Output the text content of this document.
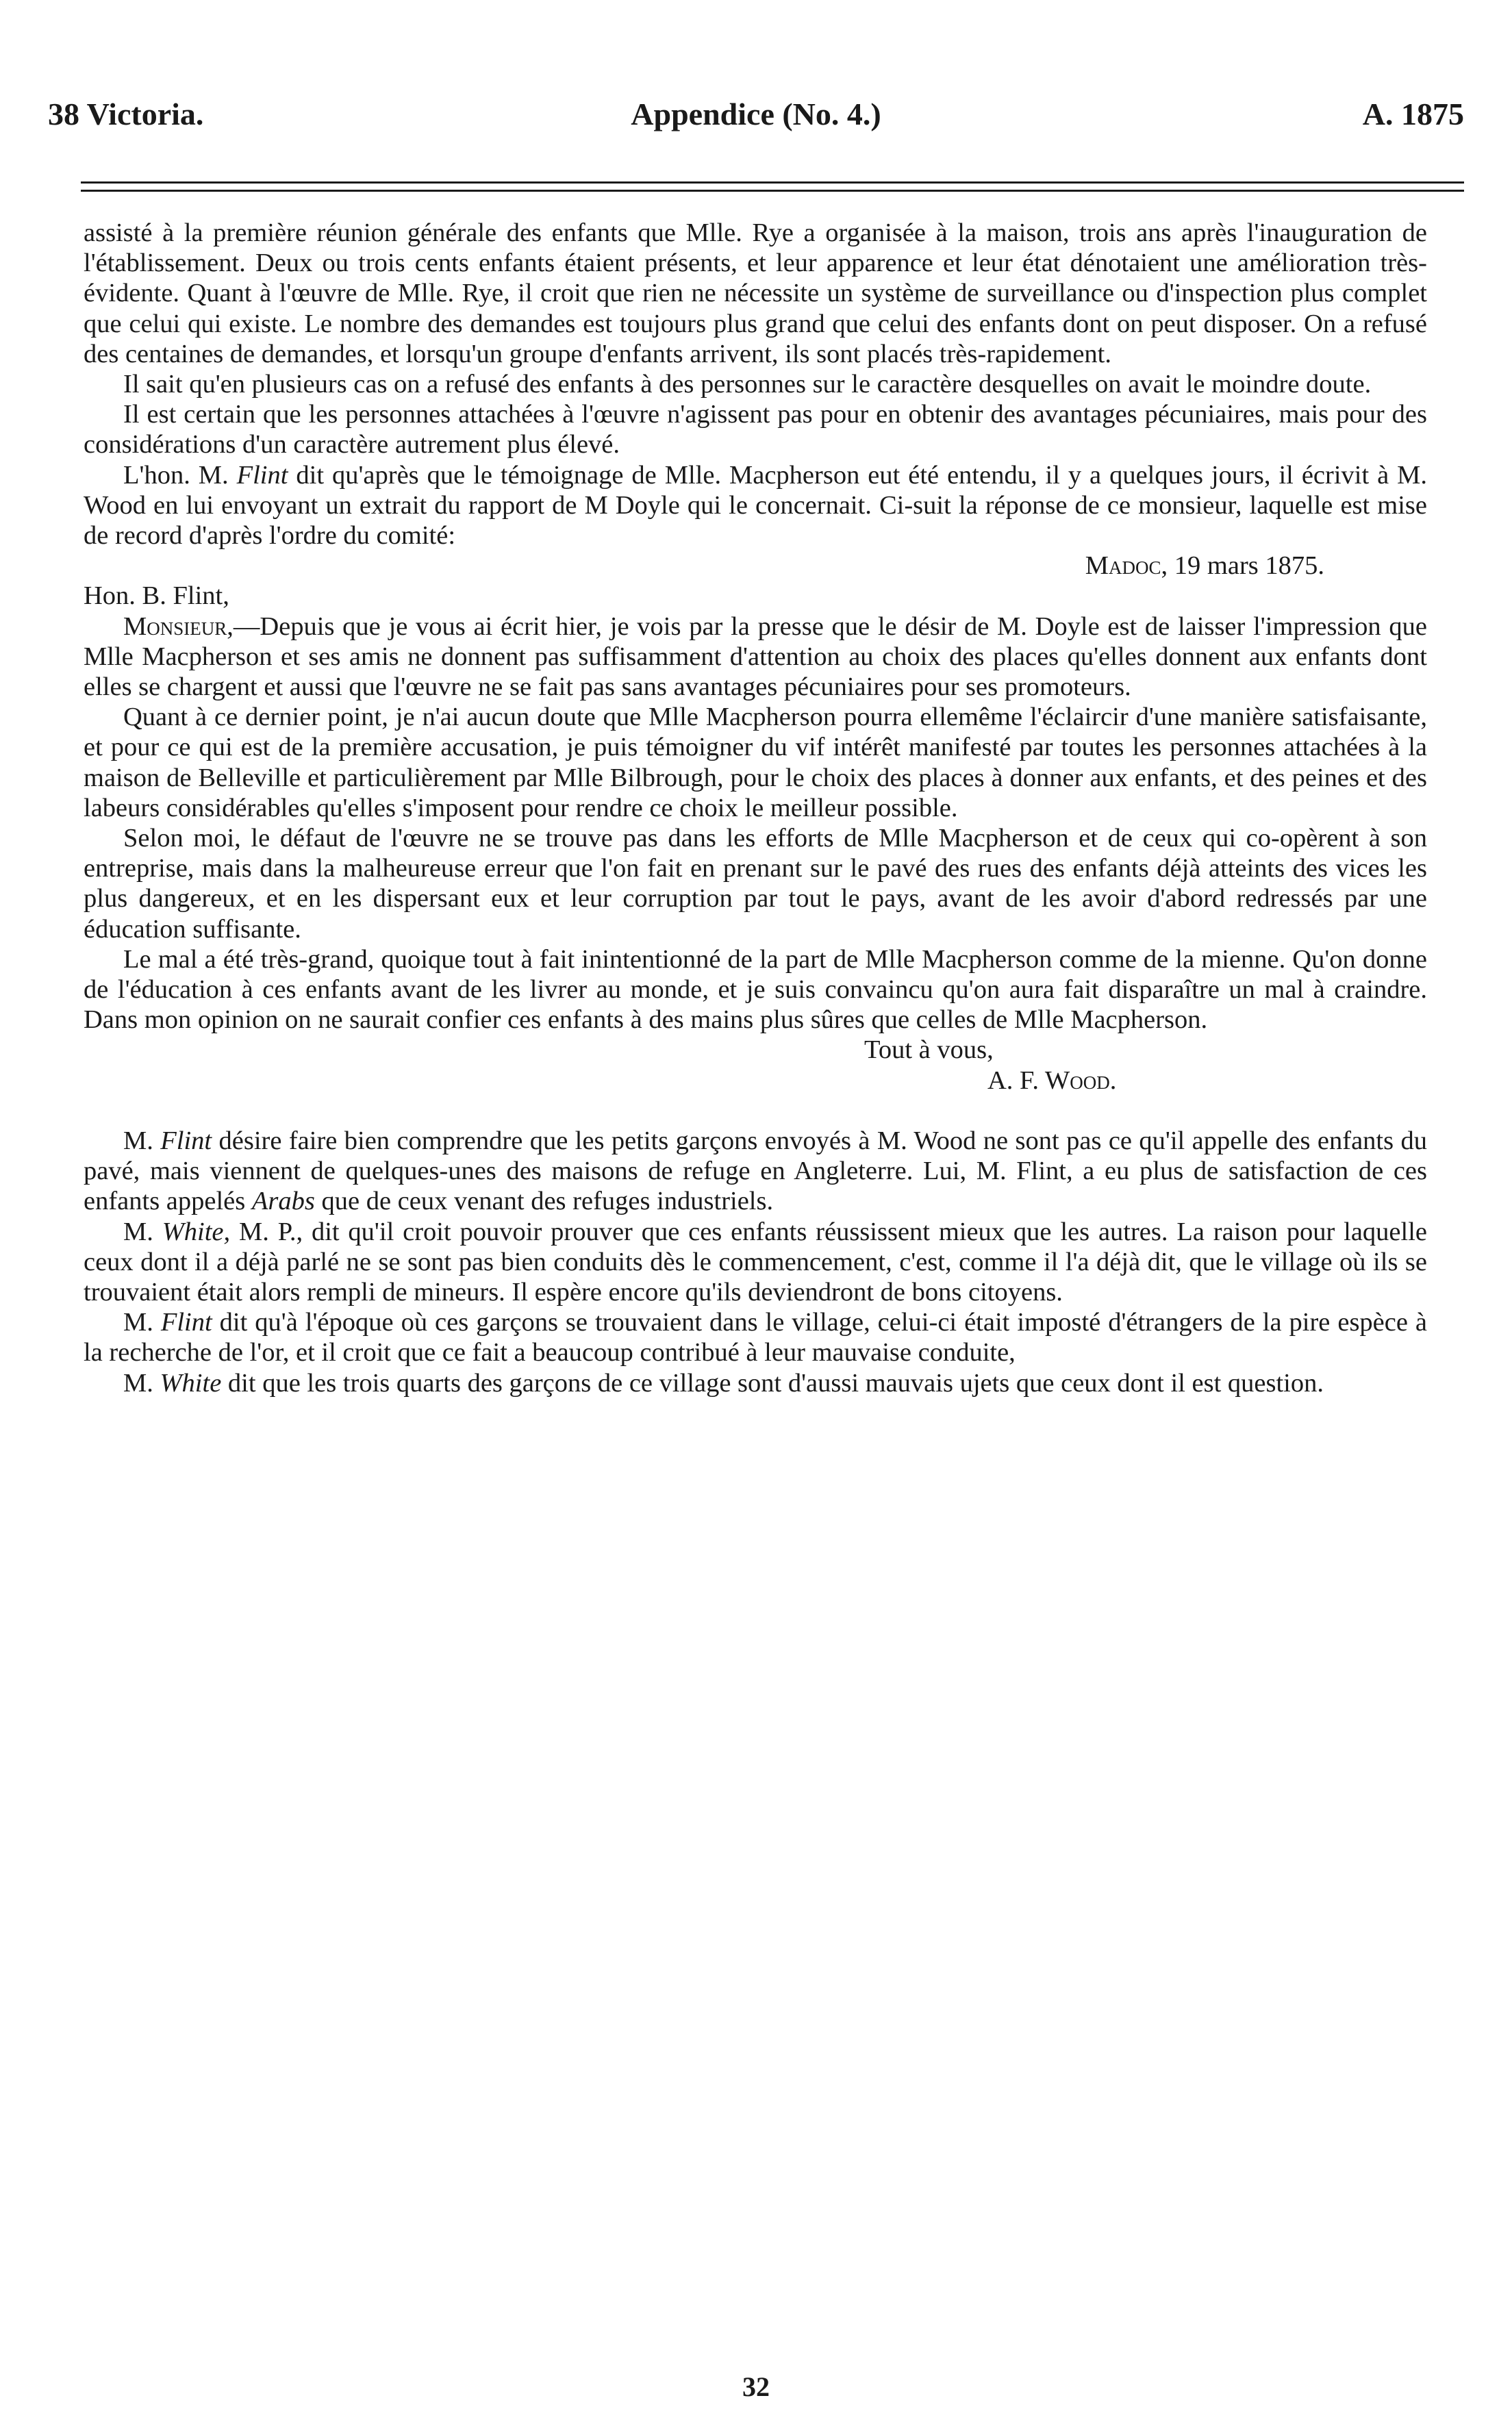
38 Victoria.	Appendice (No. 4.)	A. 1875

assisté à la première réunion générale des enfants que Mlle. Rye a organisée à la maison, trois ans après l'inauguration de l'établissement. Deux ou trois cents enfants étaient présents, et leur apparence et leur état dénotaient une amélioration très-évidente. Quant à l'œuvre de Mlle. Rye, il croit que rien ne nécessite un système de surveillance ou d'inspection plus complet que celui qui existe. Le nombre des demandes est toujours plus grand que celui des enfants dont on peut disposer. On a refusé des centaines de demandes, et lorsqu'un groupe d'enfants arrivent, ils sont placés très-rapidement.

Il sait qu'en plusieurs cas on a refusé des enfants à des personnes sur le caractère desquelles on avait le moindre doute.

Il est certain que les personnes attachées à l'œuvre n'agissent pas pour en obtenir des avantages pécuniaires, mais pour des considérations d'un caractère autrement plus élevé.

L'hon. M. Flint dit qu'après que le témoignage de Mlle. Macpherson eut été entendu, il y a quelques jours, il écrivit à M. Wood en lui envoyant un extrait du rapport de M Doyle qui le concernait. Ci-suit la réponse de ce monsieur, laquelle est mise de record d'après l'ordre du comité:

Madoc, 19 mars 1875.

Hon. B. Flint,

Monsieur,—Depuis que je vous ai écrit hier, je vois par la presse que le désir de M. Doyle est de laisser l'impression que Mlle Macpherson et ses amis ne donnent pas suffisamment d'attention au choix des places qu'elles donnent aux enfants dont elles se chargent et aussi que l'œuvre ne se fait pas sans avantages pécuniaires pour ses promoteurs.

Quant à ce dernier point, je n'ai aucun doute que Mlle Macpherson pourra ellemême l'éclaircir d'une manière satisfaisante, et pour ce qui est de la première accusation, je puis témoigner du vif intérêt manifesté par toutes les personnes attachées à la maison de Belleville et particulièrement par Mlle Bilbrough, pour le choix des places à donner aux enfants, et des peines et des labeurs considérables qu'elles s'imposent pour rendre ce choix le meilleur possible.

Selon moi, le défaut de l'œuvre ne se trouve pas dans les efforts de Mlle Macpherson et de ceux qui co-opèrent à son entreprise, mais dans la malheureuse erreur que l'on fait en prenant sur le pavé des rues des enfants déjà atteints des vices les plus dangereux, et en les dispersant eux et leur corruption par tout le pays, avant de les avoir d'abord redressés par une éducation suffisante.

Le mal a été très-grand, quoique tout à fait inintentionné de la part de Mlle Macpherson comme de la mienne. Qu'on donne de l'éducation à ces enfants avant de les livrer au monde, et je suis convaincu qu'on aura fait disparaître un mal à craindre. Dans mon opinion on ne saurait confier ces enfants à des mains plus sûres que celles de Mlle Macpherson.

Tout à vous,

A. F. Wood.

M. Flint désire faire bien comprendre que les petits garçons envoyés à M. Wood ne sont pas ce qu'il appelle des enfants du pavé, mais viennent de quelques-unes des maisons de refuge en Angleterre. Lui, M. Flint, a eu plus de satisfaction de ces enfants appelés Arabs que de ceux venant des refuges industriels.

M. White, M. P., dit qu'il croit pouvoir prouver que ces enfants réussissent mieux que les autres. La raison pour laquelle ceux dont il a déjà parlé ne se sont pas bien conduits dès le commencement, c'est, comme il l'a déjà dit, que le village où ils se trouvaient était alors rempli de mineurs. Il espère encore qu'ils deviendront de bons citoyens.

M. Flint dit qu'à l'époque où ces garçons se trouvaient dans le village, celui-ci était imposté d'étrangers de la pire espèce à la recherche de l'or, et il croit que ce fait a beaucoup contribué à leur mauvaise conduite,

M. White dit que les trois quarts des garçons de ce village sont d'aussi mauvais ujets que ceux dont il est question.

32
